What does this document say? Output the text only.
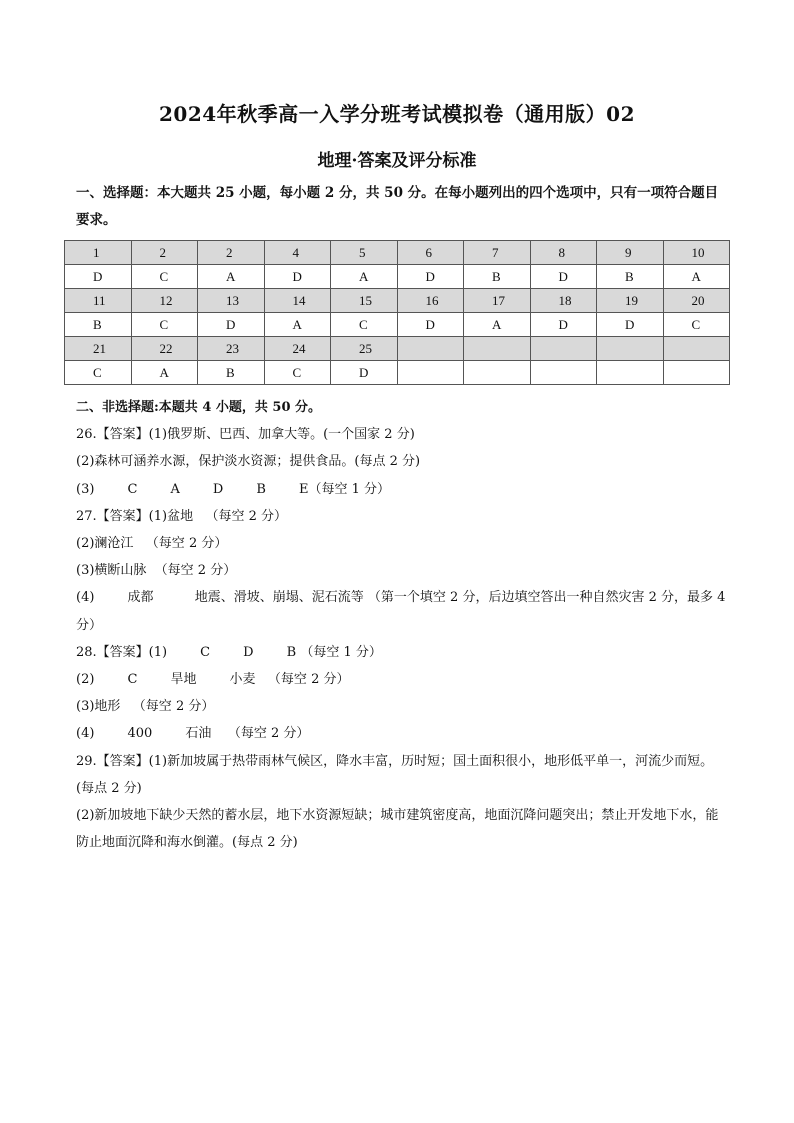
2024年秋季高一入学分班考试模拟卷（通用版）02
地理·答案及评分标准
一、选择题：本大题共 25 小题，每小题 2 分，共 50 分。在每小题列出的四个选项中，只有一项符合题目要求。
1	2	2	4	5	6	7	8	9	10
D	C	A	D	A	D	B	D	B	A
11	12	13	14	15	16	17	18	19	20
B	C	D	A	C	D	A	D	D	C
21	22	23	24	25					
C	A	B	C	D					

二、非选择题:本题共 4 小题，共 50 分。

26.【答案】(1)俄罗斯、巴西、加拿大等。(一个国家 2 分)

(2)森林可涵养水源，保护淡水资源；提供食品。(每点 2 分)

(3)        C        A        D        B        E（每空 1 分）

27.【答案】(1)盆地   （每空 2 分）

(2)澜沧江   （每空 2 分）

(3)横断山脉  （每空 2 分）

(4)        成都          地震、滑坡、崩塌、泥石流等 （第一个填空 2 分，后边填空答出一种自然灾害 2 分，最多 4 分）

28.【答案】(1)        C        D        B （每空 1 分）

(2)        C        旱地        小麦   （每空 2 分）

(3)地形   （每空 2 分）

(4)        400        石油    （每空 2 分）

29.【答案】(1)新加坡属于热带雨林气候区，降水丰富，历时短；国土面积很小，地形低平单一，河流少而短。(每点 2 分)

(2)新加坡地下缺少天然的蓄水层，地下水资源短缺；城市建筑密度高，地面沉降问题突出；禁止开发地下水，能防止地面沉降和海水倒灌。(每点 2 分)
